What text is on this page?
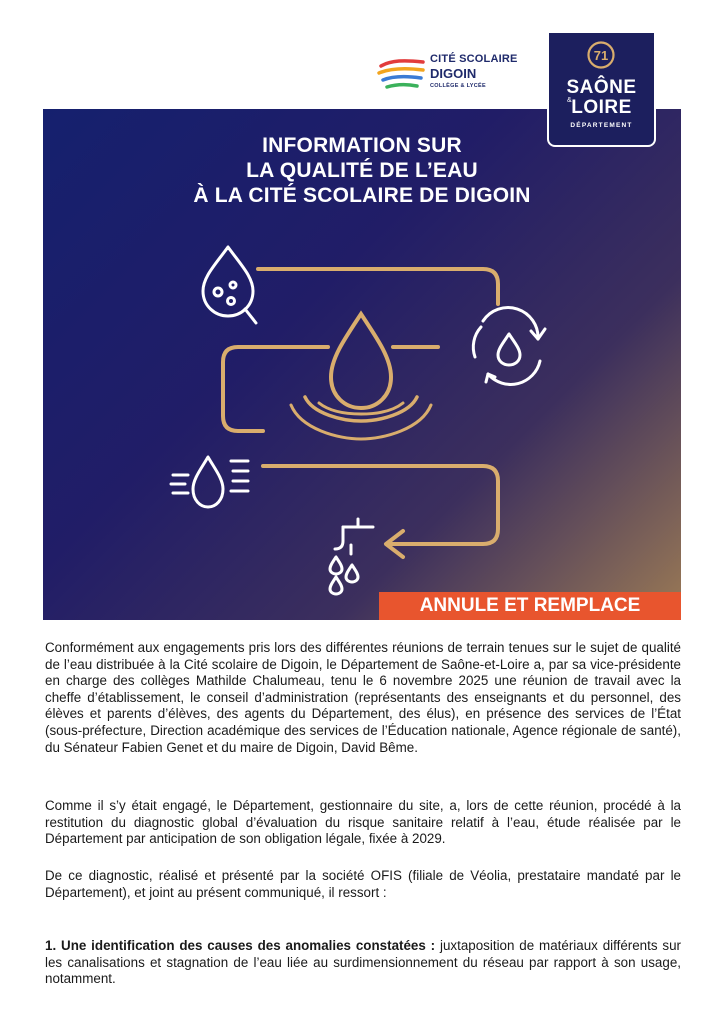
CITÉ SCOLAIRE
DIGOIN
COLLÈGE & LYCÉE
71
SAÔNE
& LOIRE
DÉPARTEMENT
INFORMATION SUR
LA QUALITÉ DE L’EAU
À LA CITÉ SCOLAIRE DE DIGOIN
ANNULE ET REMPLACE

Conformément aux engagements pris lors des différentes réunions de terrain tenues sur le sujet de qualité de l’eau distribuée à la Cité scolaire de Digoin, le Département de Saône-et-Loire a, par sa vice-présidente en charge des collèges Mathilde Chalumeau, tenu le 6 novembre 2025 une réunion de travail avec la cheffe d’établissement, le conseil d’administration (représentants des enseignants et du personnel, des élèves et parents d’élèves, des agents du Département, des élus), en présence des services de l’État (sous-préfecture, Direction académique des services de l’Éducation nationale, Agence régionale de santé), du Sénateur Fabien Genet et du maire de Digoin, David Bême.

Comme il s’y était engagé, le Département, gestionnaire du site, a, lors de cette réunion, procédé à la restitution du diagnostic global d’évaluation du risque sanitaire relatif à l’eau, étude réalisée par le Département par anticipation de son obligation légale, fixée à 2029.

De ce diagnostic, réalisé et présenté par la société OFIS (filiale de Véolia, prestataire mandaté par le Département), et joint au présent communiqué, il ressort :

1. Une identification des causes des anomalies constatées : juxtaposition de matériaux différents sur les canalisations et stagnation de l’eau liée au surdimensionnement du réseau par rapport à son usage, notamment.
